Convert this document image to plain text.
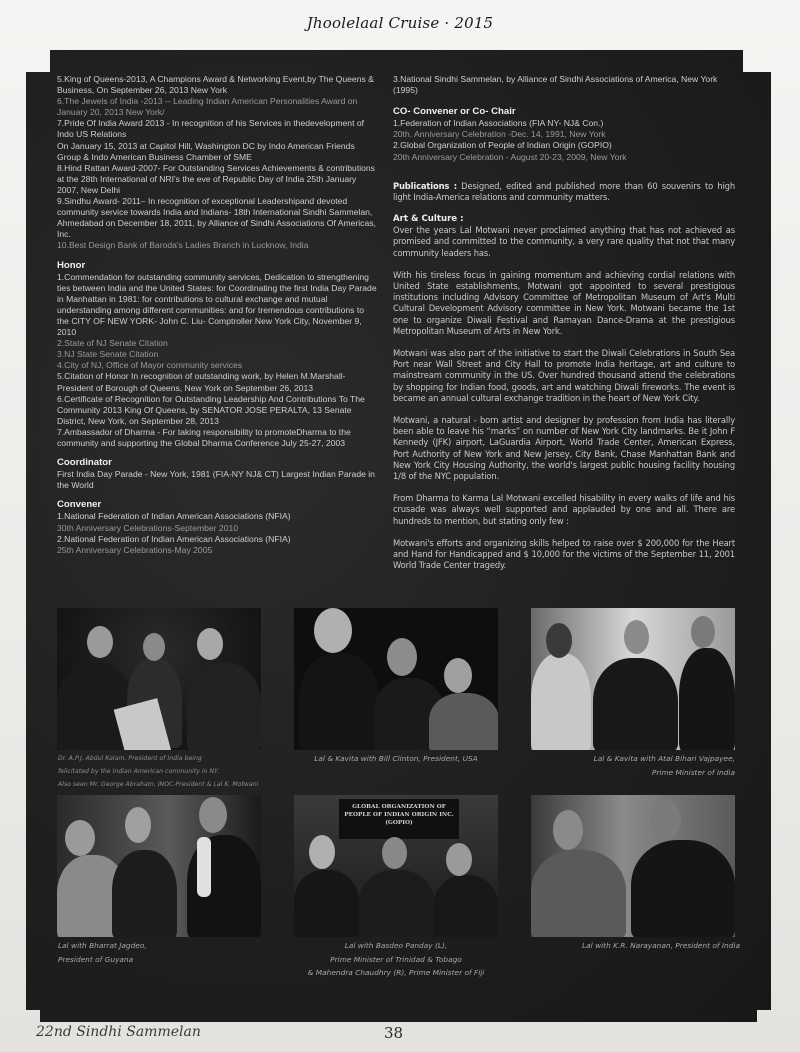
Jhoolelaal Cruise · 2015

5.King of Queens-2013, A Champions Award & Networking Event,by The Queens & Business, On September 26, 2013 New York

6.The Jewels of India -2013 -- Leading Indian American Personalities Award on January 20, 2013 New York/

7.Pride Of India Award 2013 - In recognition of his Services in thedevelopment of Indo US Relations

On January 15, 2013 at Capitol Hill, Washington DC by Indo American Friends Group & Indo American Business Chamber of SME

8.Hind Rattan Award-2007- For Outstanding Services Achievements & contributions at the 28th International of NRI's the eve of Republic Day of India 25th January 2007, New Delhi

9.Sindhu Award- 2011– In recognition of exceptional Leadershipand devoted community service towards India and Indians- 18th International Sindhi Sammelan, Ahmedabad on December 18, 2011, by Alliance of Sindhi Associations Of Americas, Inc.

10.Best Design Bank of Baroda's Ladies Branch in Lucknow, India

Honor

1.Commendation for outstanding community services, Dedication to strengthening ties between India and the United States: for Coordinating the first India Day Parade in Manhattan in 1981: for contributions to cultural exchange and mutual understanding among different communities: and for tremendous contributions to the CITY OF NEW YORK- John C. Liu- Comptroller New York City, November 9, 2010

2.State of NJ Senate Citation

3.NJ State Senate Citation

4.City of NJ, Office of Mayor community services

5.Citation of Honor In recognition of outstanding work, by Helen M.Marshall- President of Borough of Queens, New York on September 26, 2013

6.Certificate of Recognition for Outstanding Leadership And Contributions To The Community 2013 King Of Queens, by SENATOR JOSE PERALTA, 13 Senate District, New York, on September 28, 2013

7.Ambassador of Dharma - For taking responsibility to promoteDharma to the community and supporting the Global Dharma Conference July 25-27, 2003

Coordinator

First India Day Parade - New York, 1981 (FIA-NY NJ& CT) Largest Indian Parade in the World

Convener

1.National Federation of Indian American Associations (NFIA)

30th Anniversary Celebrations-September 2010

2.National Federation of Indian American Associations (NFIA)

25th Anniversary Celebrations-May 2005

3.National Sindhi Sammelan, by Alliance of Sindhi Associations of America, New York (1995)

CO- Convener or Co- Chair

1.Federation of Indian Associations (FIA NY- NJ& Con.)

20th. Anniversary Celebration -Dec. 14, 1991, New York

2.Global Organization of People of Indian Origin (GOPIO)

20th Anniversary Celebration - August 20-23, 2009, New York

Publications : Designed, edited and published more than 60 souvenirs to high light India-America relations and community matters.

Art & Culture :

Over the years Lal Motwani never proclaimed anything that has not achieved as promised and committed to the community, a very rare quality that not that many community leaders has.

With his tireless focus in gaining momentum and achieving cordial relations with United State establishments, Motwani got appointed to several prestigious institutions including Advisory Committee of Metropolitan Museum of Art's Multi Cultural Development Advisory committee in New York. Motwani became the 1st one to organize Diwali Festival and Ramayan Dance-Drama at the prestigious Metropolitan Museum of Arts in New York.

Motwani was also part of the initiative to start the Diwali Celebrations in South Sea Port near Wall Street and City Hall to promote India heritage, art and culture to mainstream community in the US. Over hundred thousand attend the celebrations by shopping for Indian food, goods, art and watching Diwali fireworks. The event is became an annual cultural exchange tradition in the heart of New York City.

Motwani, a natural - born artist and designer by profession from India has literally been able to leave his “marks” on number of New York City landmarks. Be it John F Kennedy (JFK) airport, LaGuardia Airport, World Trade Center, American Express, Port Authority of New York and New Jersey, City Bank, Chase Manhattan Bank and New York City Housing Authority, the world's largest public housing facility housing 1/8 of the NYC population.

From Dharma to Karma Lal Motwani excelled hisability in every walks of life and his crusade was always well supported and applauded by one and all. There are hundreds to mention, but stating only few :

Motwani's efforts and organizing skills helped to raise over $ 200,000 for the Heart and Hand for Handicapped and $ 10,000 for the victims of the September 11, 2001 World Trade Center tragedy.

Dr. A.P.J. Abdul Kalam, President of India being
felicitated by the Indian American community in NY.
Also seen Mr. George Abraham, INOC-President & Lal K. Motwani
Lal & Kavita with Bill Clinton, President, USA	Lal & Kavita with Atal Bihari Vajpayee,
Prime Minister of India
Lal with Bharrat Jagdeo,
President of Guyana
GLOBAL ORGANIZATION OF
PEOPLE OF INDIAN ORIGIN INC.
(GOPIO)
Lal with Basdeo Panday (L),
Prime Minister of Trinidad & Tobago
& Mahendra Chaudhry (R), Prime Minister of Fiji
Lal with K.R. Narayanan, President of India
22nd Sindhi Sammelan	38
